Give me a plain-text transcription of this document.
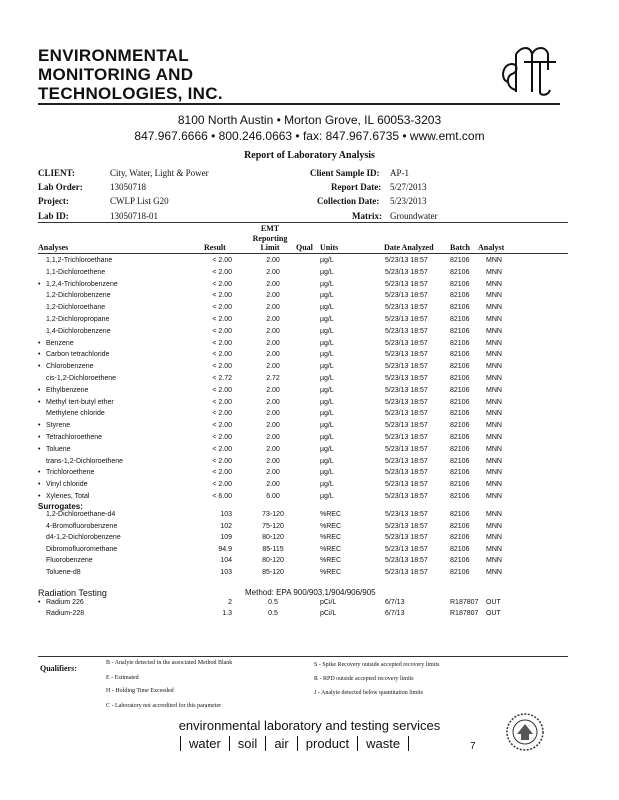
ENVIRONMENTAL
MONITORING AND
TECHNOLOGIES, INC.
8100 North Austin • Morton Grove, IL 60053-3203
847.967.6666 • 800.246.0663 • fax: 847.967.6735 • www.emt.com
Report of Laboratory Analysis
CLIENT:	City, Water, Light & Power	Client Sample ID: AP-1
Lab Order:	13050718	Report Date: 5/27/2013
Project:	CWLP List G20	Collection Date: 5/23/2013
Lab ID:	13050718-01	Matrix: Groundwater
Analyses	Result
EMT
Reporting
Limit	Qual Units	Date Analyzed Batch Analyst
1,1,2-Trichloroethane	< 2.00	2.00	µg/L	5/23/13 18:57	82106 MNN
1,1-Dichloroethene	< 2.00	2.00	µg/L	5/23/13 18:57	82106 MNN
• 1,2,4-Trichlorobenzene	< 2.00	2.00	µg/L	5/23/13 18:57	82106 MNN
1,2-Dichlorobenzene	< 2.00	2.00	µg/L	5/23/13 18:57	82106 MNN
1,2-Dichloroethane	< 2.00	2.00	µg/L	5/23/13 18:57	82106 MNN
1,2-Dichloropropane	< 2.00	2.00	µg/L	5/23/13 18:57	82106 MNN
1,4-Dichlorobenzene	< 2.00	2.00	µg/L	5/23/13 18:57	82106 MNN
• Benzene	< 2.00	2.00	µg/L	5/23/13 18:57	82106 MNN
• Carbon tetrachloride	< 2.00	2.00	µg/L	5/23/13 18:57	82106 MNN
• Chlorobenzene	< 2.00	2.00	µg/L	5/23/13 18:57	82106 MNN
cis-1,2-Dichloroethene	< 2.72	2.72	µg/L	5/23/13 18:57	82106 MNN
• Ethylbenzene	< 2.00	2.00	µg/L	5/23/13 18:57	82106 MNN
• Methyl tert-butyl ether	< 2.00	2.00	µg/L	5/23/13 18:57	82106 MNN
Methylene chloride	< 2.00	2.00	µg/L	5/23/13 18:57	82106 MNN
• Styrene	< 2.00	2.00	µg/L	5/23/13 18:57	82106 MNN
• Tetrachloroethene	< 2.00	2.00	µg/L	5/23/13 18:57	82106 MNN
• Toluene	< 2.00	2.00	µg/L	5/23/13 18:57	82106 MNN
trans-1,2-Dichloroethene	< 2.00	2.00	µg/L	5/23/13 18:57	82106 MNN
• Trichloroethene	< 2.00	2.00	µg/L	5/23/13 18:57	82106 MNN
• Vinyl chloride	< 2.00	2.00	µg/L	5/23/13 18:57	82106 MNN
• Xylenes, Total	< 6.00	6.00	µg/L	5/23/13 18:57	82106 MNN
Surrogates:
1,2-Dichloroethane-d4	103	73-120	%REC	5/23/13 18:57	82106 MNN
4-Bromofluorobenzene	102	75-120	%REC	5/23/13 18:57	82106 MNN
d4-1,2-Dichlorobenzene	109	80-120	%REC	5/23/13 18:57	82106 MNN
Dibromofluoromethane	94.9	85-115	%REC	5/23/13 18:57	82106 MNN
Fluorobenzene	104	80-120	%REC	5/23/13 18:57	82106 MNN
Toluene-d8	103	85-120	%REC	5/23/13 18:57	82106 MNN
Radiation Testing	Method: EPA 900/903.1/904/906/905
• Radium 226	2	0.5	pCi/L	6/7/13	R187807 OUT
Radium-228	1.3	0.5	pCi/L	6/7/13	R187807 OUT
Qualifiers:
B - Analyte detected in the associated Method Blank
E - Estimated
H - Holding Time Exceeded
C - Laboratory not accredited for this parameter
S - Spike Recovery outside accepted recovery limits
R - RPD outside accepted recovery limits
J - Analyte detected below quantitation limits
environmental laboratory and testing services
water soil air product waste	7
